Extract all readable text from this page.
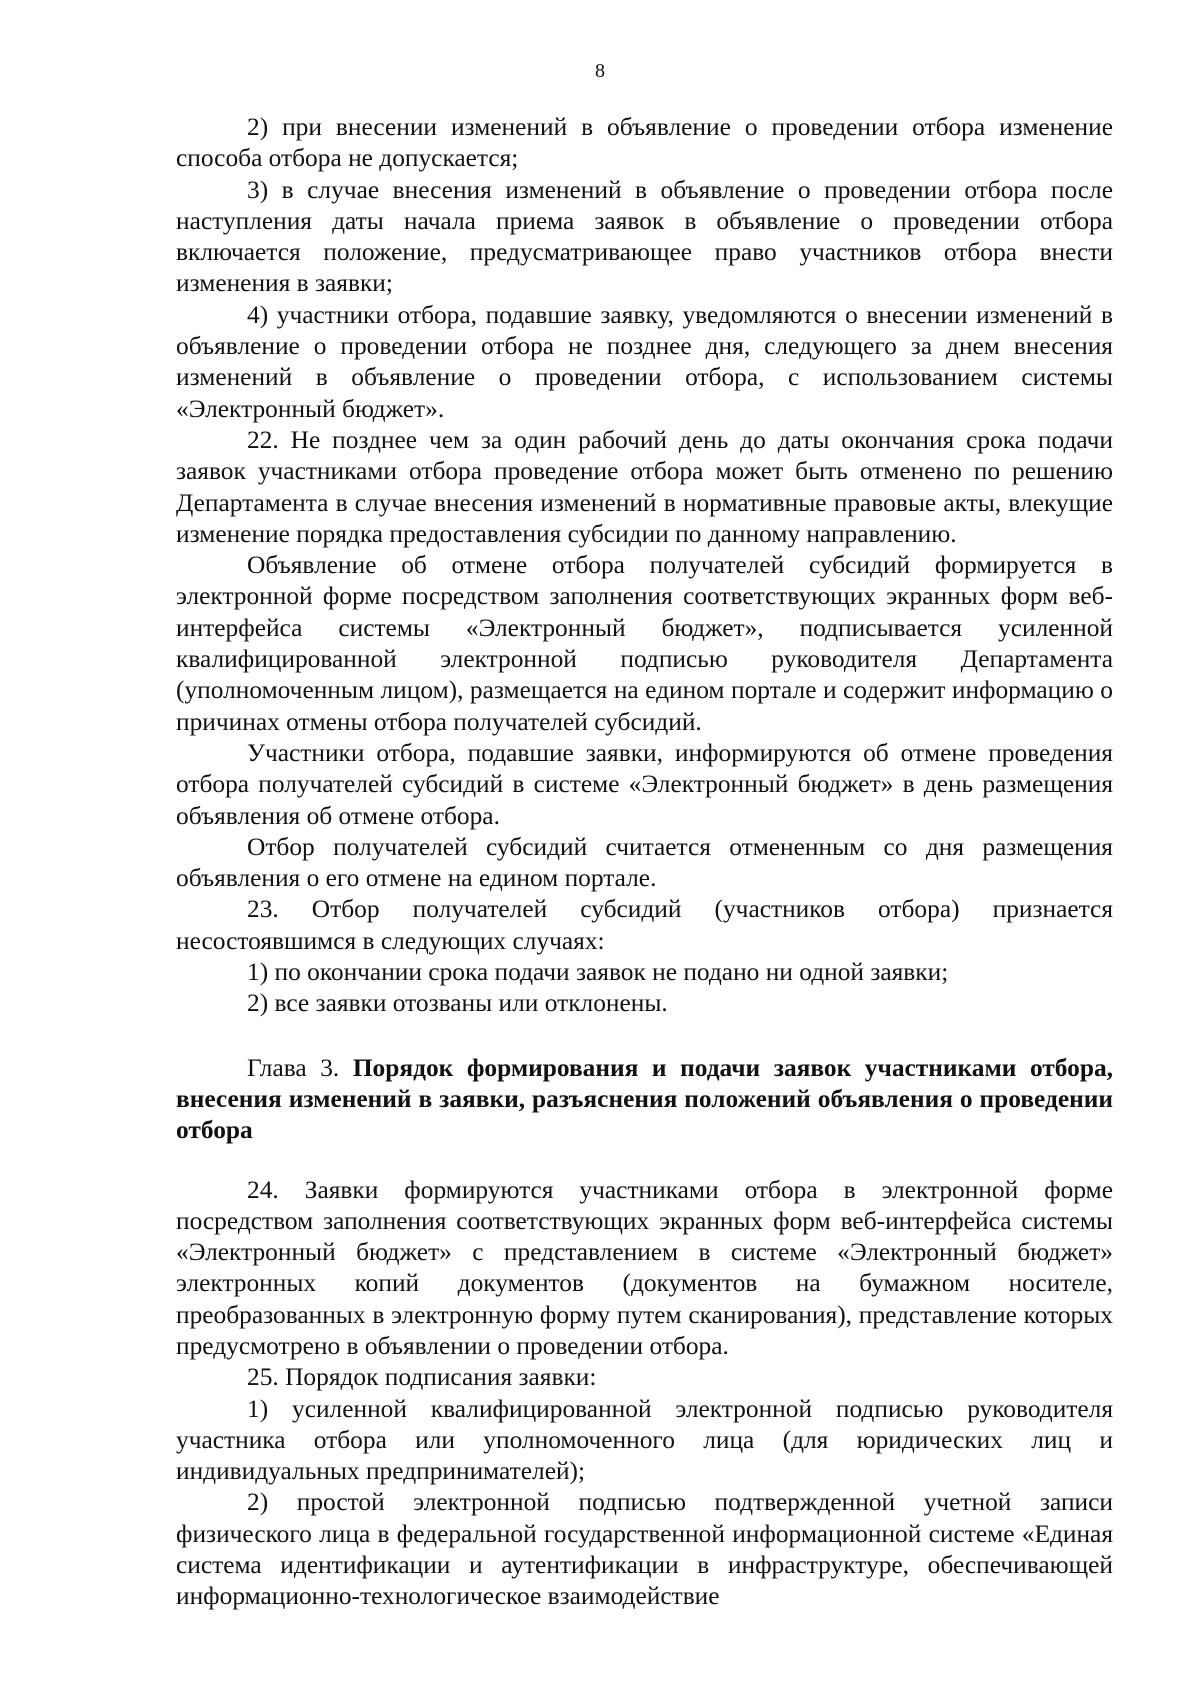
8

2) при внесении изменений в объявление о проведении отбора изменение способа отбора не допускается;

3) в случае внесения изменений в объявление о проведении отбора после наступления даты начала приема заявок в объявление о проведении отбора включается положение, предусматривающее право участников отбора внести изменения в заявки;

4) участники отбора, подавшие заявку, уведомляются о внесении изменений в объявление о проведении отбора не позднее дня, следующего за днем внесения изменений в объявление о проведении отбора, с использованием системы «Электронный бюджет».

22. Не позднее чем за один рабочий день до даты окончания срока подачи заявок участниками отбора проведение отбора может быть отменено по решению Департамента в случае внесения изменений в нормативные правовые акты, влекущие изменение порядка предоставления субсидии по данному направлению.

Объявление об отмене отбора получателей субсидий формируется в электронной форме посредством заполнения соответствующих экранных форм веб-интерфейса системы «Электронный бюджет», подписывается усиленной квалифицированной электронной подписью руководителя Департамента (уполномоченным лицом), размещается на едином портале и содержит информацию о причинах отмены отбора получателей субсидий.

Участники отбора, подавшие заявки, информируются об отмене проведения отбора получателей субсидий в системе «Электронный бюджет» в день размещения объявления об отмене отбора.

Отбор получателей субсидий считается отмененным со дня размещения объявления о его отмене на едином портале.

23. Отбор получателей субсидий (участников отбора) признается несостоявшимся в следующих случаях:

1) по окончании срока подачи заявок не подано ни одной заявки;

2) все заявки отозваны или отклонены.

Глава 3. Порядок формирования и подачи заявок участниками отбора, внесения изменений в заявки, разъяснения положений объявления о проведении отбора

24. Заявки формируются участниками отбора в электронной форме посредством заполнения соответствующих экранных форм веб-интерфейса системы «Электронный бюджет» с представлением в системе «Электронный бюджет» электронных копий документов (документов на бумажном носителе, преобразованных в электронную форму путем сканирования), представление которых предусмотрено в объявлении о проведении отбора.

25. Порядок подписания заявки:

1) усиленной квалифицированной электронной подписью руководителя участника отбора или уполномоченного лица (для юридических лиц и индивидуальных предпринимателей);

2) простой электронной подписью подтвержденной учетной записи физического лица в федеральной государственной информационной системе «Единая система идентификации и аутентификации в инфраструктуре, обеспечивающей информационно-технологическое взаимодействие
